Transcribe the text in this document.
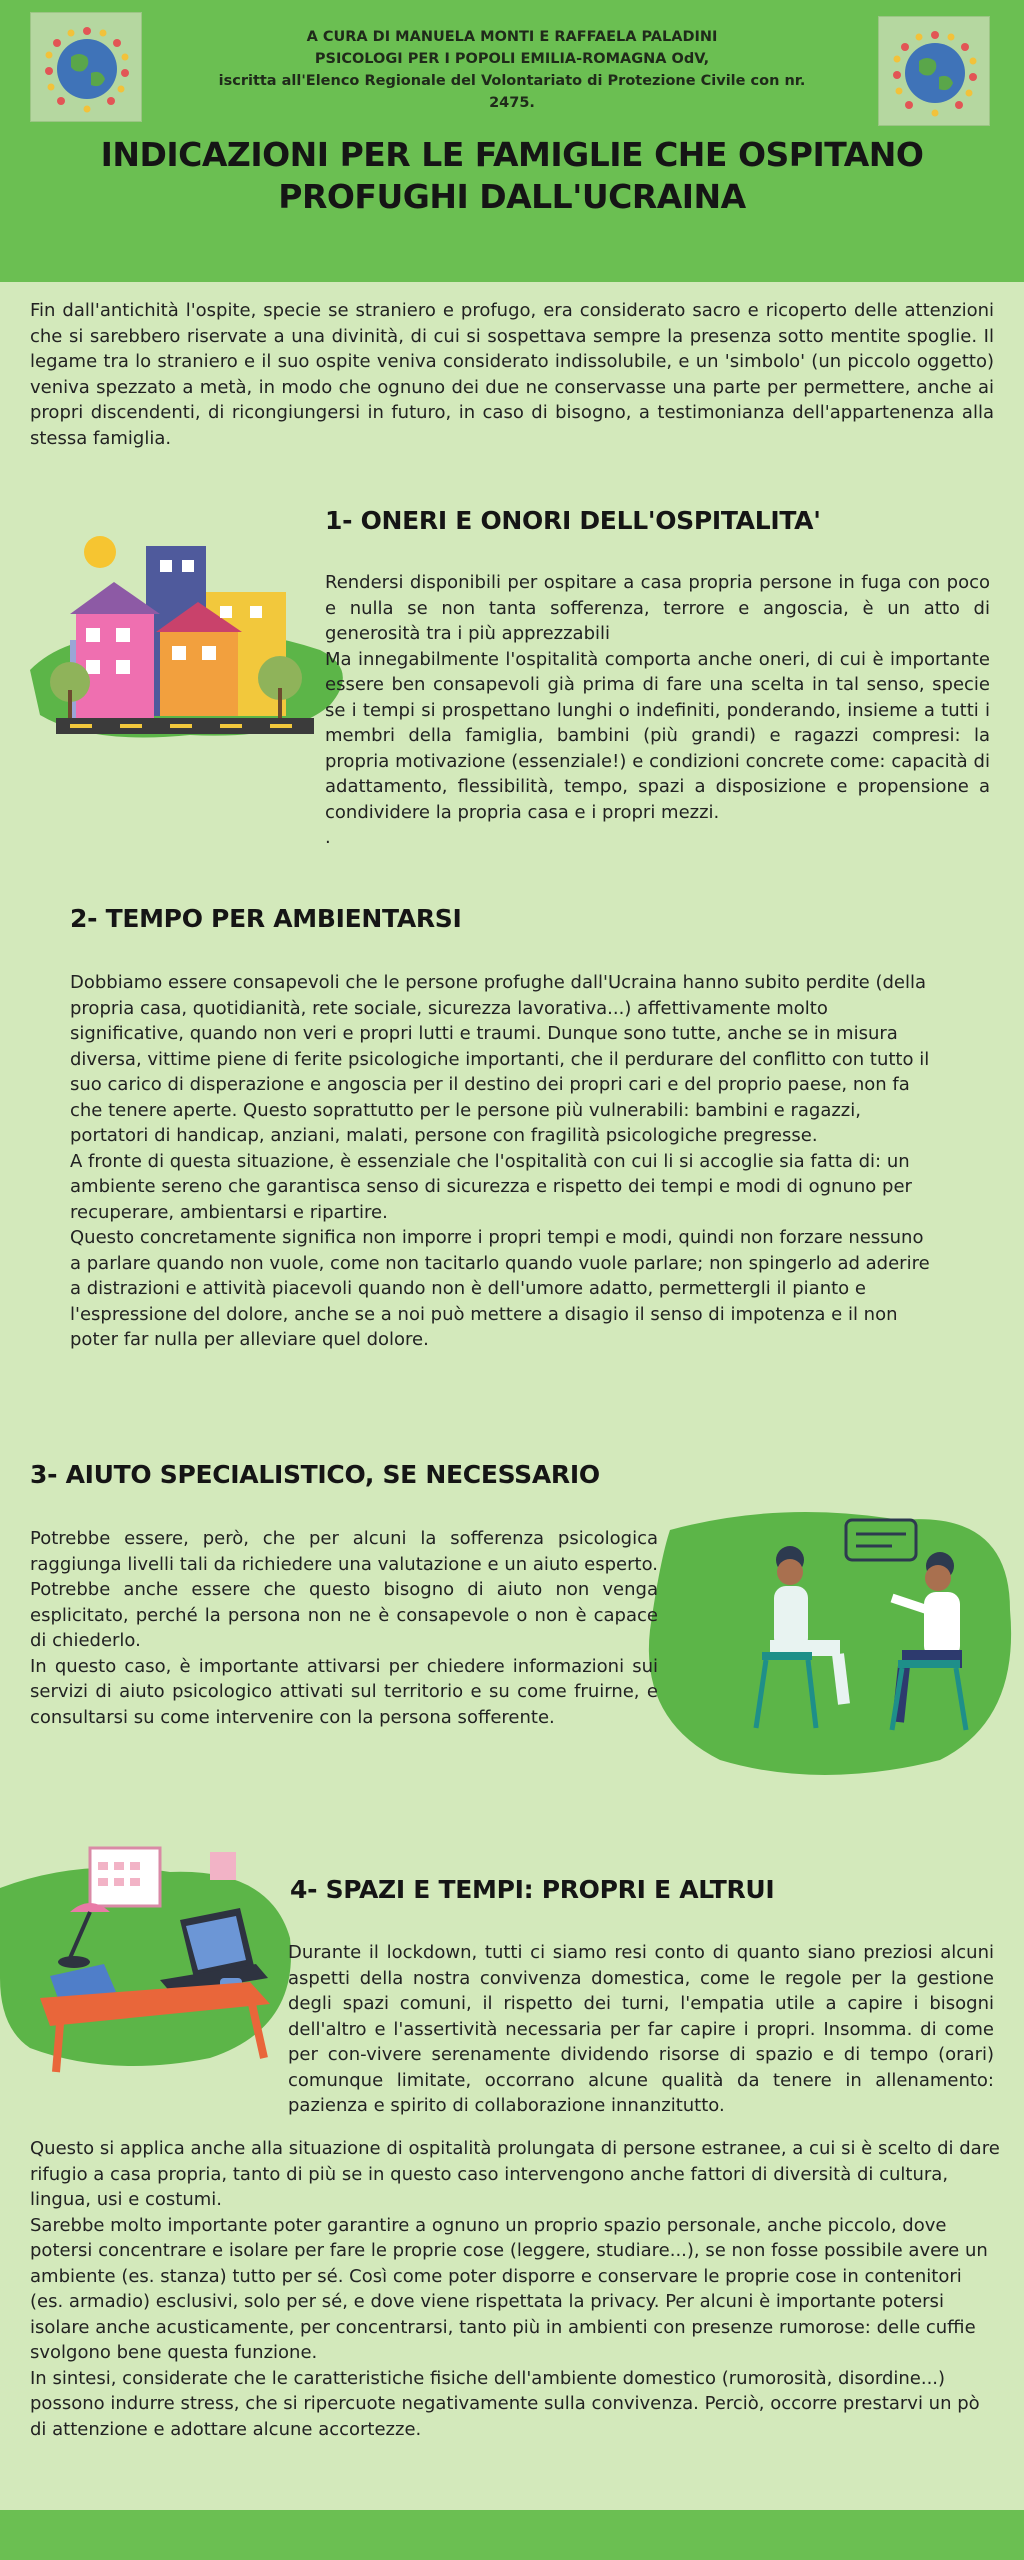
A CURA DI MANUELA MONTI E RAFFAELA PALADINI
PSICOLOGI PER I POPOLI EMILIA-ROMAGNA OdV,
iscritta all'Elenco Regionale del Volontariato di Protezione Civile con nr. 2475.
INDICAZIONI PER LE FAMIGLIE CHE OSPITANO
PROFUGHI DALL'UCRAINA
Fin dall'antichità l'ospite, specie se straniero e profugo, era considerato sacro e ricoperto delle attenzioni che si sarebbero riservate a una divinità, di cui si sospettava sempre la presenza sotto mentite spoglie. Il legame tra lo straniero e il suo ospite veniva considerato indissolubile, e un 'simbolo' (un piccolo oggetto) veniva spezzato a metà, in modo che ognuno dei due ne conservasse una parte per permettere, anche ai propri discendenti, di ricongiungersi in futuro, in caso di bisogno, a testimonianza dell'appartenenza alla stessa famiglia.
1- ONERI E ONORI DELL'OSPITALITA'

Rendersi disponibili per ospitare a casa propria persone in fuga con poco e nulla se non tanta sofferenza, terrore e angoscia, è un atto di generosità tra i più apprezzabili

Ma innegabilmente l'ospitalità comporta anche oneri, di cui è importante essere ben consapevoli già prima di fare una scelta in tal senso, specie se i tempi si prospettano lunghi o indefiniti, ponderando, insieme a tutti i membri della famiglia, bambini (più grandi) e ragazzi compresi: la propria motivazione (essenziale!) e condizioni concrete come: capacità di adattamento, flessibilità, tempo, spazi a disposizione e propensione a condividere la propria casa e i propri mezzi.

.

2- TEMPO PER AMBIENTARSI

Dobbiamo essere consapevoli che le persone profughe dall'Ucraina hanno subito perdite (della propria casa, quotidianità, rete sociale, sicurezza lavorativa...) affettivamente molto significative, quando non veri e propri lutti e traumi. Dunque sono tutte, anche se in misura diversa, vittime piene di ferite psicologiche importanti, che il perdurare del conflitto con tutto il suo carico di disperazione e angoscia per il destino dei propri cari e del proprio paese, non fa che tenere aperte. Questo soprattutto per le persone più vulnerabili: bambini e ragazzi, portatori di handicap, anziani, malati, persone con fragilità psicologiche pregresse.

A fronte di questa situazione, è essenziale che l'ospitalità con cui li si accoglie sia fatta di: un ambiente sereno che garantisca senso di sicurezza e rispetto dei tempi e modi di ognuno per recuperare, ambientarsi e ripartire.

Questo concretamente significa non imporre i propri tempi e modi, quindi non forzare nessuno a parlare quando non vuole, come non tacitarlo quando vuole parlare; non spingerlo ad aderire a distrazioni e attività piacevoli quando non è dell'umore adatto, permettergli il pianto e l'espressione del dolore, anche se a noi può mettere a disagio il senso di impotenza e il non poter far nulla per alleviare quel dolore.

3- AIUTO SPECIALISTICO, SE NECESSARIO

Potrebbe essere, però, che per alcuni la sofferenza psicologica raggiunga livelli tali da richiedere una valutazione e un aiuto esperto. Potrebbe anche essere che questo bisogno di aiuto non venga esplicitato, perché la persona non ne è consapevole o non è capace di chiederlo.

In questo caso, è importante attivarsi per chiedere informazioni sui servizi di aiuto psicologico attivati sul territorio e su come fruirne, e consultarsi su come intervenire con la persona sofferente.

4- SPAZI E TEMPI: PROPRI E ALTRUI

Durante il lockdown, tutti ci siamo resi conto di quanto siano preziosi alcuni aspetti della nostra convivenza domestica, come le regole per la gestione degli spazi comuni, il rispetto dei turni, l'empatia utile a capire i bisogni dell'altro e l'assertività necessaria per far capire i propri. Insomma. di come per con-vivere serenamente dividendo risorse di spazio e di tempo (orari) comunque limitate, occorrano alcune qualità da tenere in allenamento: pazienza e spirito di collaborazione innanzitutto.

Questo si applica anche alla situazione di ospitalità prolungata di persone estranee, a cui si è scelto di dare rifugio a casa propria, tanto di più se in questo caso intervengono anche fattori di diversità di cultura, lingua, usi e costumi.

Sarebbe molto importante poter garantire a ognuno un proprio spazio personale, anche piccolo, dove potersi concentrare e isolare per fare le proprie cose (leggere, studiare...), se non fosse possibile avere un ambiente (es. stanza) tutto per sé. Così come poter disporre e conservare le proprie cose in contenitori (es. armadio) esclusivi, solo per sé, e dove viene rispettata la privacy. Per alcuni è importante potersi isolare anche acusticamente, per concentrarsi, tanto più in ambienti con presenze rumorose: delle cuffie svolgono bene questa funzione.

In sintesi, considerate che le caratteristiche fisiche dell'ambiente domestico (rumorosità, disordine...) possono indurre stress, che si ripercuote negativamente sulla convivenza. Perciò, occorre prestarvi un pò di attenzione e adottare alcune accortezze.
